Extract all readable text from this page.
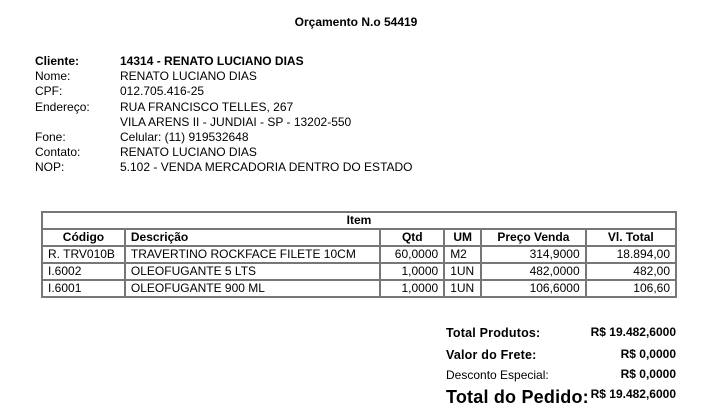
Orçamento N.o 54419
Cliente:	14314 - RENATO LUCIANO DIAS
Nome:	RENATO LUCIANO DIAS
CPF:	012.705.416-25
Endereço:	RUA FRANCISCO TELLES, 267
VILA ARENS II - JUNDIAI - SP - 13202-550
Fone:	Celular: (11) 919532648
Contato:	RENATO LUCIANO DIAS
NOP:	5.102 - VENDA MERCADORIA DENTRO DO ESTADO
Item					
Código	Descrição	Qtd	UM	Preço Venda	Vl. Total
R. TRV010B	TRAVERTINO ROCKFACE FILETE 10CM	60,0000	M2	314,9000	18.894,00
I.6002	OLEOFUGANTE 5 LTS	1,0000	1UN	482,0000	482,00
I.6001	OLEOFUGANTE 900 ML	1,0000	1UN	106,6000	106,60
Total Produtos:	R$ 19.482,6000
Valor do Frete:	R$ 0,0000
Desconto Especial:	R$ 0,0000
Total do Pedido: R$ 19.482,6000
